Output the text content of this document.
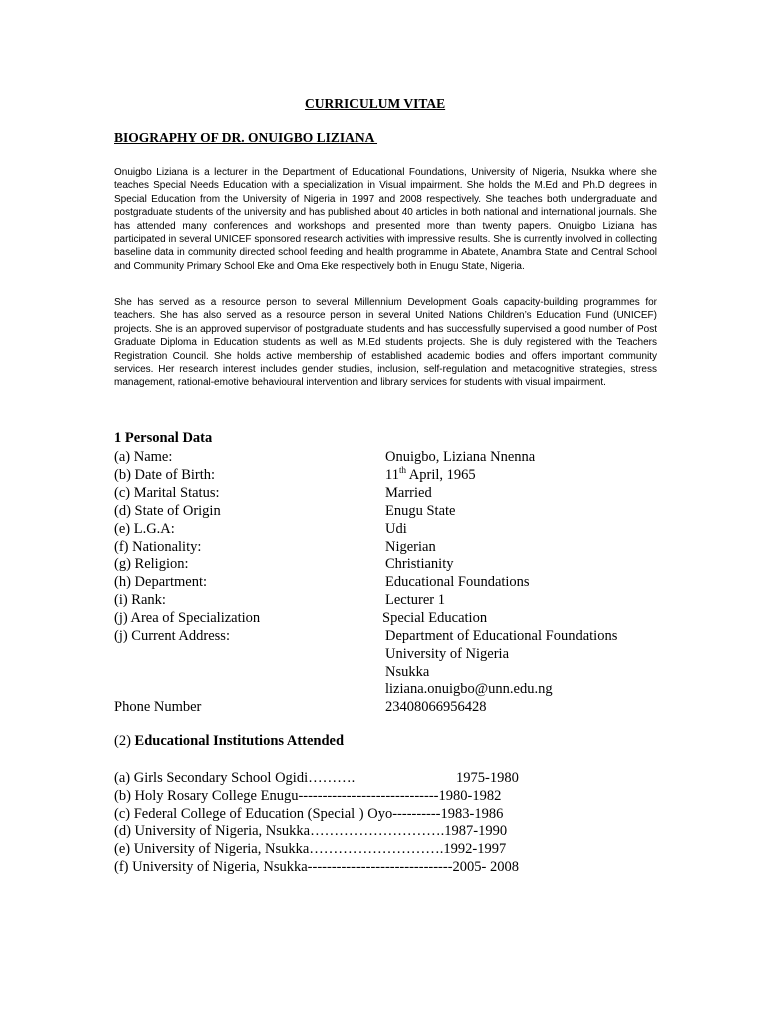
CURRICULUM VITAE
BIOGRAPHY OF DR. ONUIGBO LIZIANA

Onuigbo Liziana is a lecturer in the Department of Educational Foundations, University of Nigeria, Nsukka where she teaches Special Needs Education with a specialization in Visual impairment. She holds the M.Ed and Ph.D degrees in Special Education from the University of Nigeria in 1997 and 2008 respectively. She teaches both undergraduate and postgraduate students of the university and has published about 40 articles in both national and international journals. She has attended many conferences and workshops and presented more than twenty papers. Onuigbo Liziana has participated in several UNICEF sponsored research activities with impressive results. She is currently involved in collecting baseline data in community directed school feeding and health programme in Abatete, Anambra State and Central School and Community Primary School Eke and Oma Eke respectively both in Enugu State, Nigeria.

She has served as a resource person to several Millennium Development Goals capacity-building programmes for teachers. She has also served as a resource person in several United Nations Children’s Education Fund (UNICEF) projects. She is an approved supervisor of postgraduate students and has successfully supervised a good number of Post Graduate Diploma in Education students as well as M.Ed students projects. She is duly registered with the Teachers Registration Council. She holds active membership of established academic bodies and offers important community services. Her research interest includes gender studies, inclusion, self-regulation and metacognitive strategies, stress management, rational-emotive behavioural intervention and library services for students with visual impairment.

1 Personal Data
(a) Name:	Onuigbo, Liziana Nnenna
(b) Date of Birth:	11th April, 1965
(c) Marital Status:	Married
(d) State of Origin	Enugu State
(e) L.G.A:	Udi
(f) Nationality:	Nigerian
(g) Religion:	Christianity
(h) Department:	Educational Foundations
(i) Rank:	Lecturer 1
(j) Area of Specialization	Special Education
(j) Current Address:	Department of Educational Foundations
University of Nigeria
Nsukka
liziana.onuigbo@unn.edu.ng
Phone Number	23408066956428
(2) Educational Institutions Attended
(a) Girls Secondary School Ogidi……….	1975-1980
(b) Holy Rosary College Enugu-----------------------------1980-1982
(c) Federal College of Education (Special ) Oyo----------1983-1986
(d) University of Nigeria, Nsukka……………………….1987-1990
(e) University of Nigeria, Nsukka……………………….1992-1997
(f) University of Nigeria, Nsukka------------------------------2005- 2008
